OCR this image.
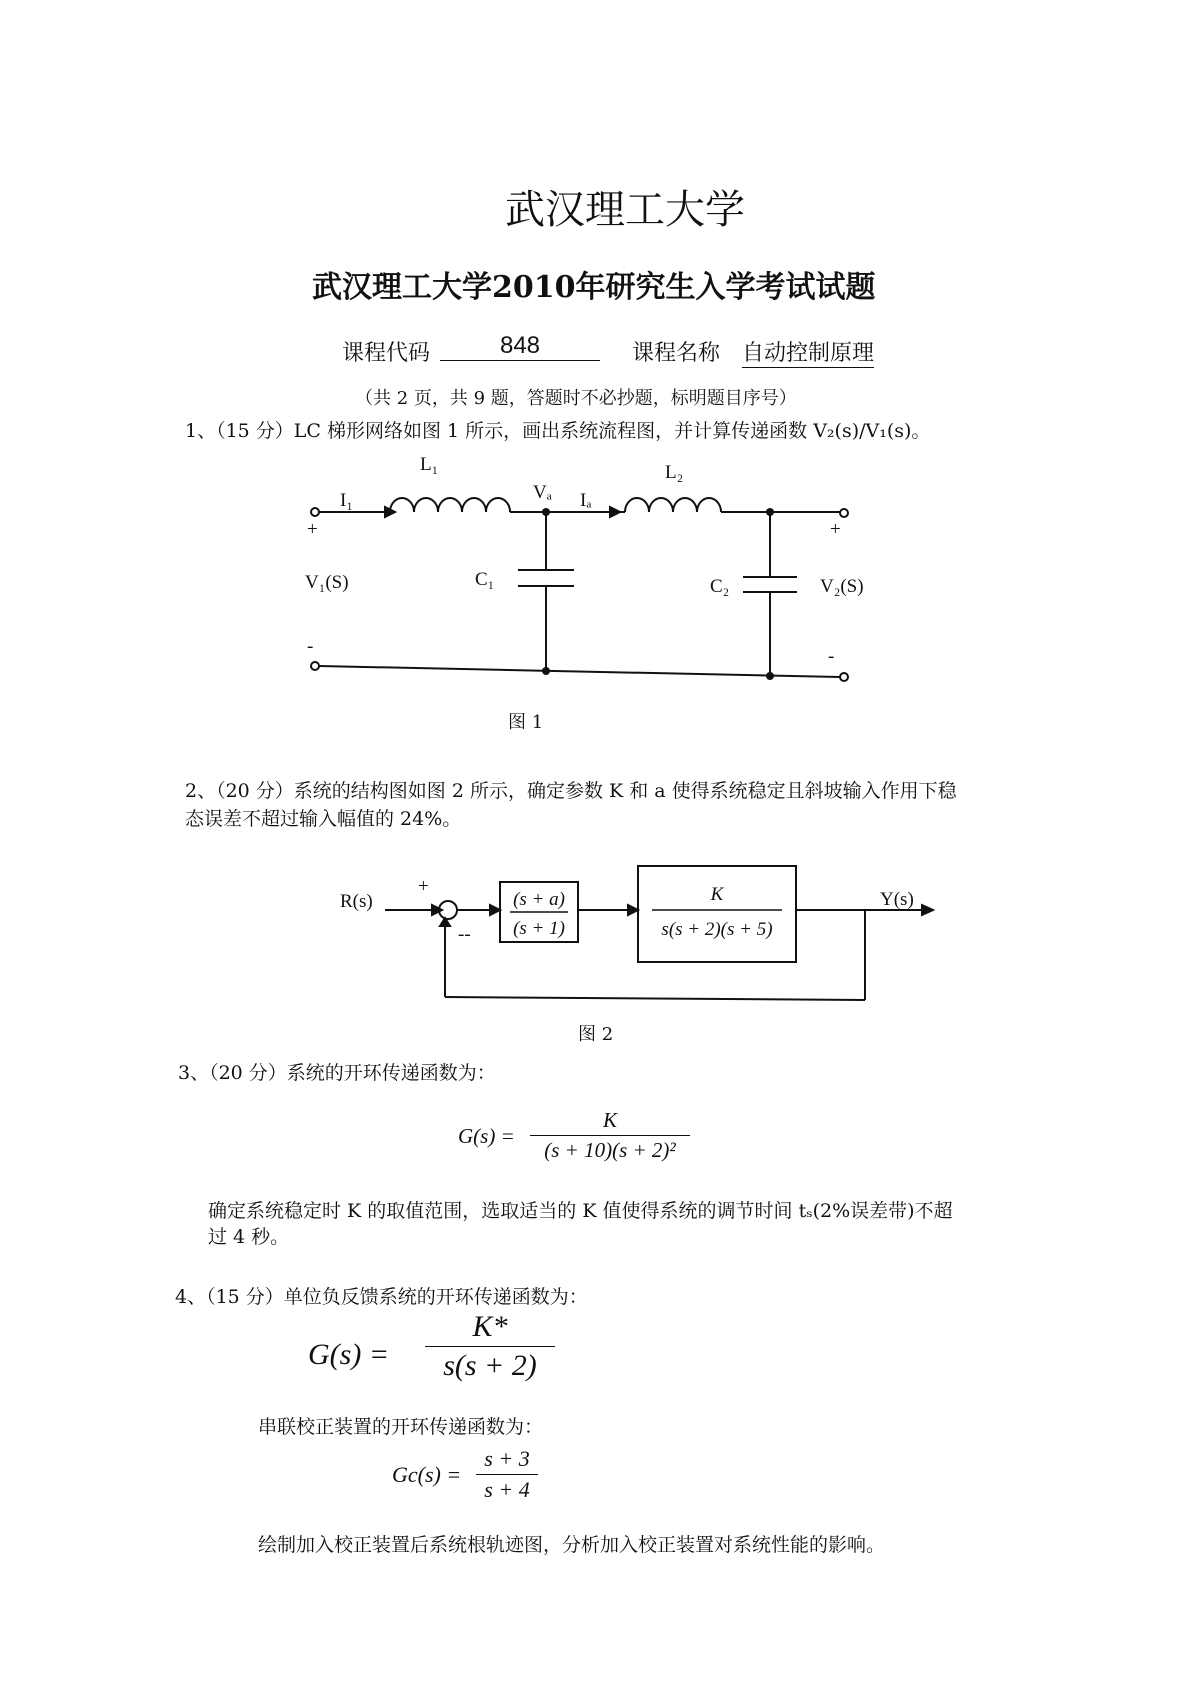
武汉理工大学
武汉理工大学2010年研究生入学考试试题
课程代码	848	课程名称 自动控制原理
（共 2 页，共 9 题，答题时不必抄题，标明题目序号）
1、（15 分）LC 梯形网络如图 1 所示，画出系统流程图，并计算传递函数 V₂(s)/V₁(s)。
L₁	L₂
Vₐ
I₁	Iₐ
C₁	C₂
V₁(S)	V₂(S)
+	+
-	-
图 1
2、（20 分）系统的结构图如图 2 所示，确定参数 K 和 a 使得系统稳定且斜坡输入作用下稳
态误差不超过输入幅值的 24%。
R(s)	Y(s)
+
--
(s + a)
(s + 1)
K
s(s + 2)(s + 5)
图 2
3、（20 分）系统的开环传递函数为：
G(s) =
K
(s + 10)(s + 2)²
确定系统稳定时 K 的取值范围，选取适当的 K 值使得系统的调节时间 tₛ(2%误差带)不超
过 4 秒。
4、（15 分）单位负反馈系统的开环传递函数为：
G(s) =
K*
s(s + 2)
串联校正装置的开环传递函数为：
Gc(s) =
s + 3
s + 4
绘制加入校正装置后系统根轨迹图，分析加入校正装置对系统性能的影响。
